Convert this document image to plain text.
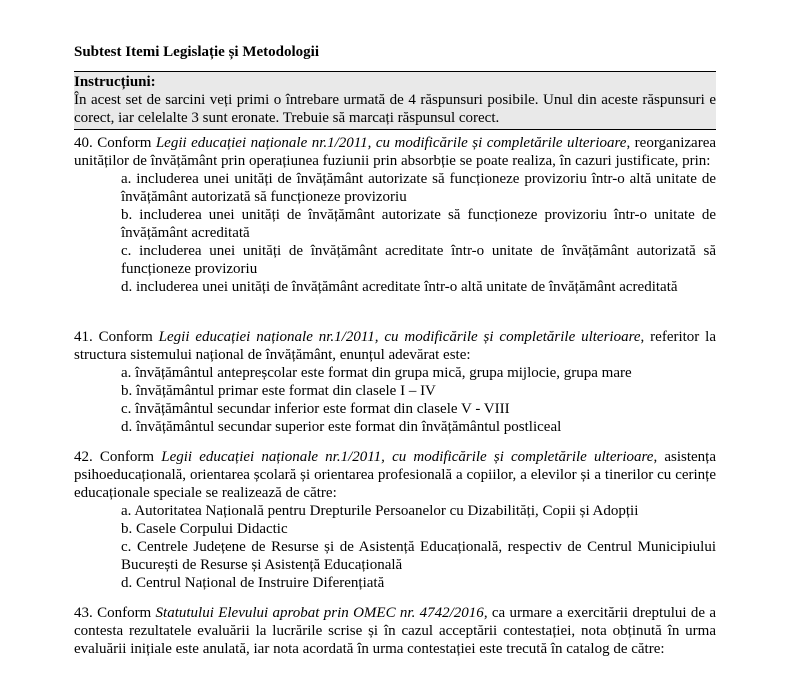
Subtest Itemi Legislație și Metodologii
Instrucțiuni:
În acest set de sarcini veți primi o întrebare urmată de 4 răspunsuri posibile. Unul din aceste răspunsuri e corect, iar celelalte 3 sunt eronate. Trebuie să marcați răspunsul corect.
40. Conform Legii educației naționale nr.1/2011, cu modificările și completările ulterioare, reorganizarea unităților de învățământ prin operațiunea fuziunii prin absorbție se poate realiza, în cazuri justificate, prin:
a. includerea unei unități de învățământ autorizate să funcționeze provizoriu într-o altă unitate de învățământ autorizată să funcționeze provizoriu
b. includerea unei unități de învățământ autorizate să funcționeze provizoriu într-o unitate de învățământ acreditată
c. includerea unei unități de învățământ acreditate într-o unitate de învățământ autorizată să funcționeze provizoriu
d. includerea unei unități de învățământ acreditate într-o altă unitate de învățământ acreditată
41. Conform Legii educației naționale nr.1/2011, cu modificările și completările ulterioare, referitor la structura sistemului național de învățământ, enunțul adevărat este:
a. învățământul antepreșcolar este format din grupa mică, grupa mijlocie, grupa mare
b. învățământul primar este format din clasele I – IV
c. învățământul secundar inferior este format din clasele V - VIII
d. învățământul secundar superior este format din învățământul postliceal
42. Conform Legii educației naționale nr.1/2011, cu modificările și completările ulterioare, asistența psihoeducațională, orientarea școlară și orientarea profesională a copiilor, a elevilor și a tinerilor cu cerințe educaționale speciale se realizează de către:
a. Autoritatea Națională pentru Drepturile Persoanelor cu Dizabilități, Copii și Adopții
b. Casele Corpului Didactic
c. Centrele Județene de Resurse și de Asistență Educațională, respectiv de Centrul Municipiului București de Resurse și Asistență Educațională
d. Centrul Național de Instruire Diferențiată
43. Conform Statutului Elevului aprobat prin OMEC nr. 4742/2016, ca urmare a exercitării dreptului de a contesta rezultatele evaluării la lucrările scrise și în cazul acceptării contestației, nota obținută în urma evaluării inițiale este anulată, iar nota acordată în urma contestației este trecută în catalog de către:
